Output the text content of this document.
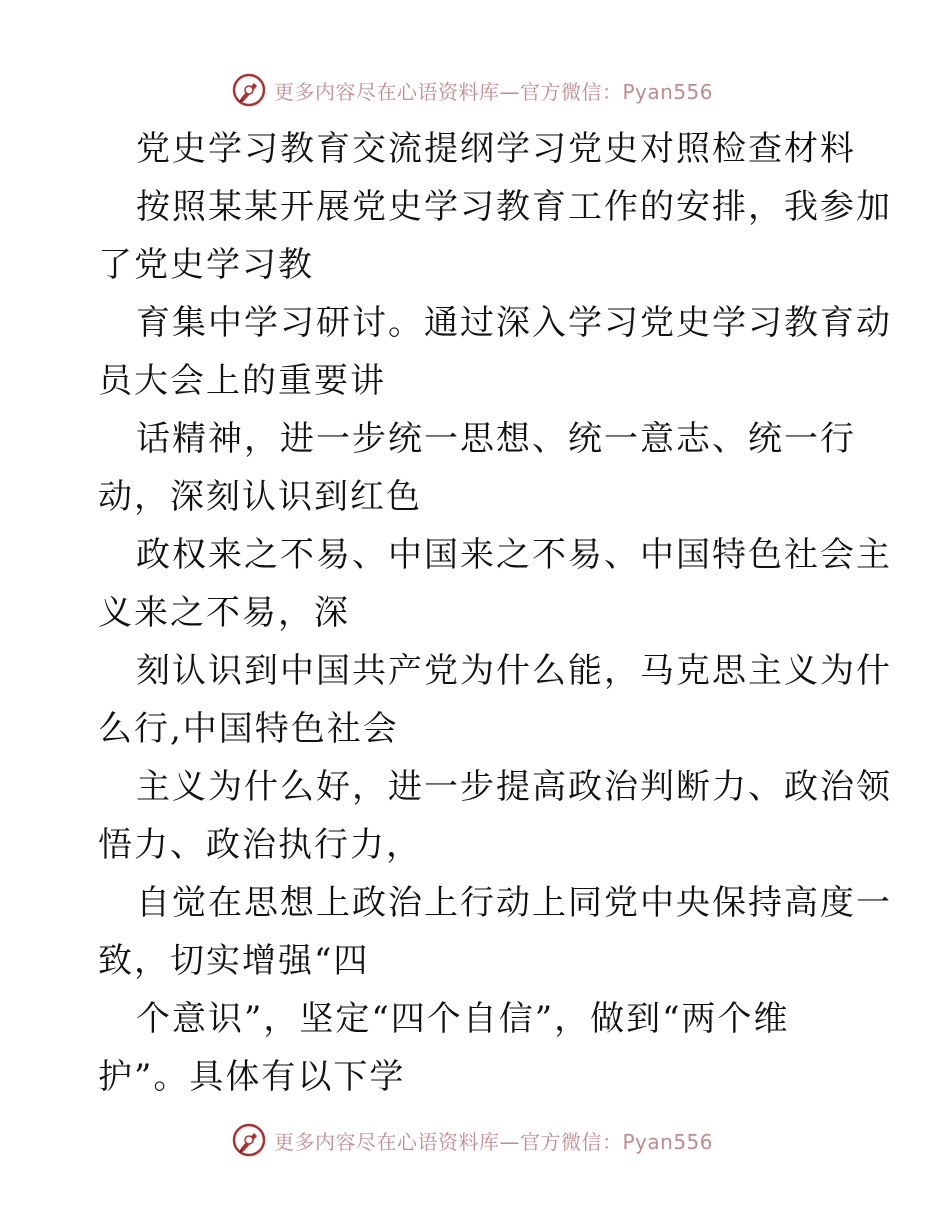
更多内容尽在心语资料库—官方微信：Pyan556
党史学习教育交流提纲学习党史对照检查材料
按照某某开展党史学习教育工作的安排，我参加
了党史学习教
育集中学习研讨。通过深入学习党史学习教育动
员大会上的重要讲
话精神，进一步统一思想、统一意志、统一行
动，深刻认识到红色
政权来之不易、中国来之不易、中国特色社会主
义来之不易，深
刻认识到中国共产党为什么能，马克思主义为什
么行,中国特色社会
主义为什么好，进一步提高政治判断力、政治领
悟力、政治执行力，
自觉在思想上政治上行动上同党中央保持高度一
致，切实增强“四
个意识”，坚定“四个自信”，做到“两个维
护”。具体有以下学
更多内容尽在心语资料库—官方微信：Pyan556
